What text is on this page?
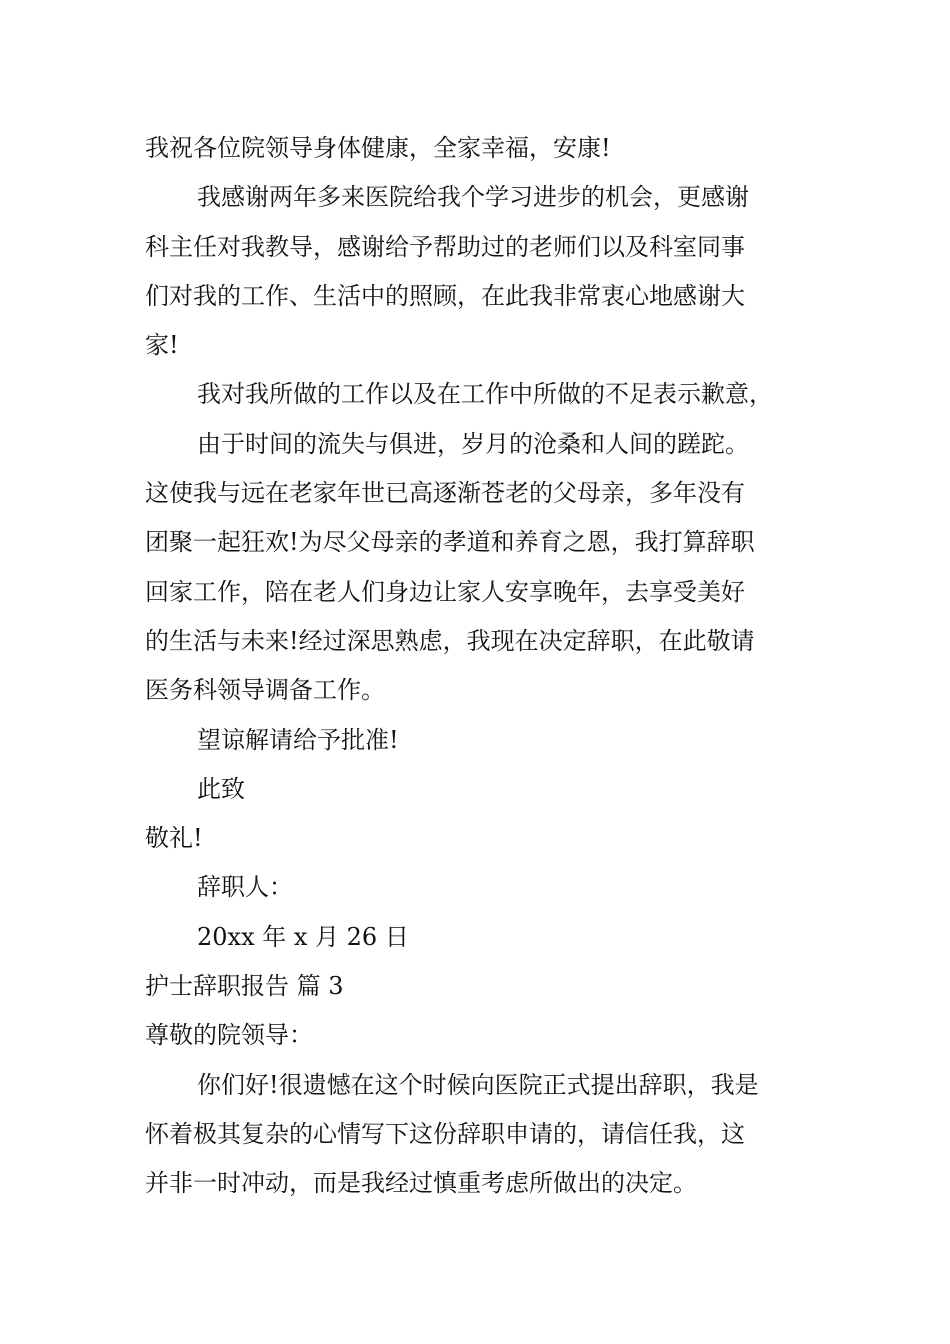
我祝各位院领导身体健康，全家幸福，安康!

我感谢两年多来医院给我个学习进步的机会，更感谢

科主任对我教导，感谢给予帮助过的老师们以及科室同事

们对我的工作、生活中的照顾，在此我非常衷心地感谢大

家!

我对我所做的工作以及在工作中所做的不足表示歉意，

由于时间的流失与俱进，岁月的沧桑和人间的蹉跎。

这使我与远在老家年世已高逐渐苍老的父母亲，多年没有

团聚一起狂欢!为尽父母亲的孝道和养育之恩，我打算辞职

回家工作，陪在老人们身边让家人安享晚年，去享受美好

的生活与未来!经过深思熟虑，我现在决定辞职，在此敬请

医务科领导调备工作。

望谅解请给予批准!

此致

敬礼!

辞职人：

20xx 年 x 月 26 日

护士辞职报告 篇 3

尊敬的院领导：

你们好!很遗憾在这个时候向医院正式提出辞职，我是

怀着极其复杂的心情写下这份辞职申请的，请信任我，这

并非一时冲动，而是我经过慎重考虑所做出的决定。
